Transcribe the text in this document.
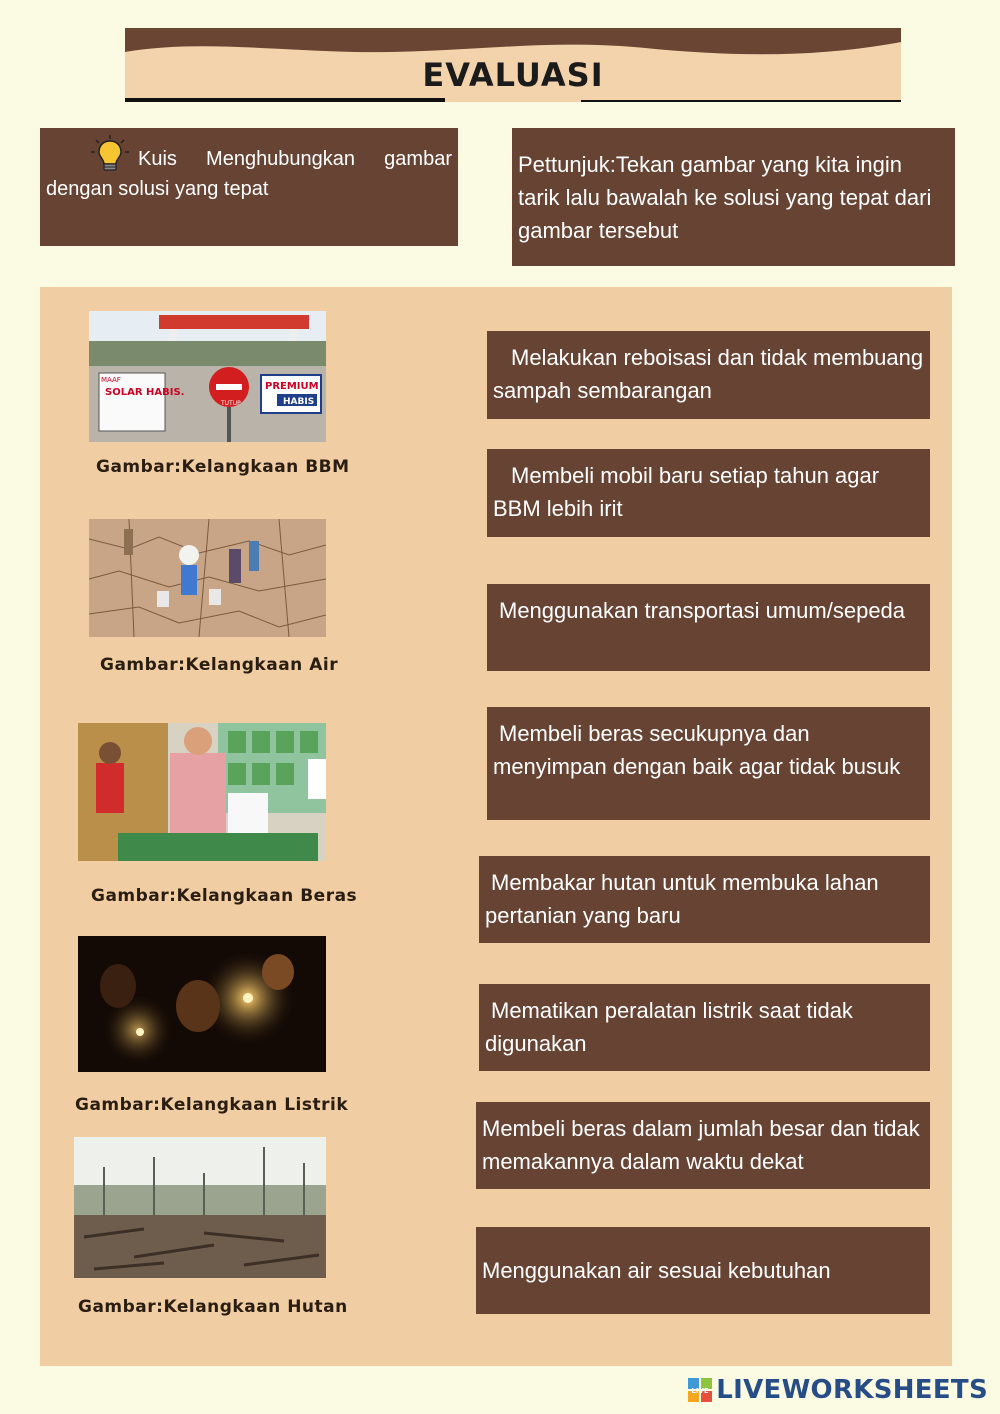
EVALUASI
Kuis Menghubungkan gambar dengan solusi yang tepat
Pettunjuk:Tekan gambar yang kita ingin tarik lalu bawalah ke solusi yang tepat dari gambar tersebut
MAAF
SOLAR HABIS.
TUTUP
PREMIUM
HABIS
Gambar:Kelangkaan BBM
Gambar:Kelangkaan Air
Gambar:Kelangkaan Beras
Gambar:Kelangkaan Listrik
Gambar:Kelangkaan Hutan
Melakukan reboisasi dan tidak membuang sampah sembarangan
Membeli mobil baru setiap tahun agar BBM lebih irit
Menggunakan transportasi umum/sepeda
Membeli beras secukupnya dan menyimpan dengan baik agar tidak busuk
Membakar hutan untuk membuka lahan pertanian yang baru
Mematikan peralatan listrik saat tidak digunakan
Membeli beras dalam jumlah besar dan tidak memakannya dalam waktu dekat
Menggunakan air sesuai kebutuhan
LIVE LIVEWORKSHEETS
